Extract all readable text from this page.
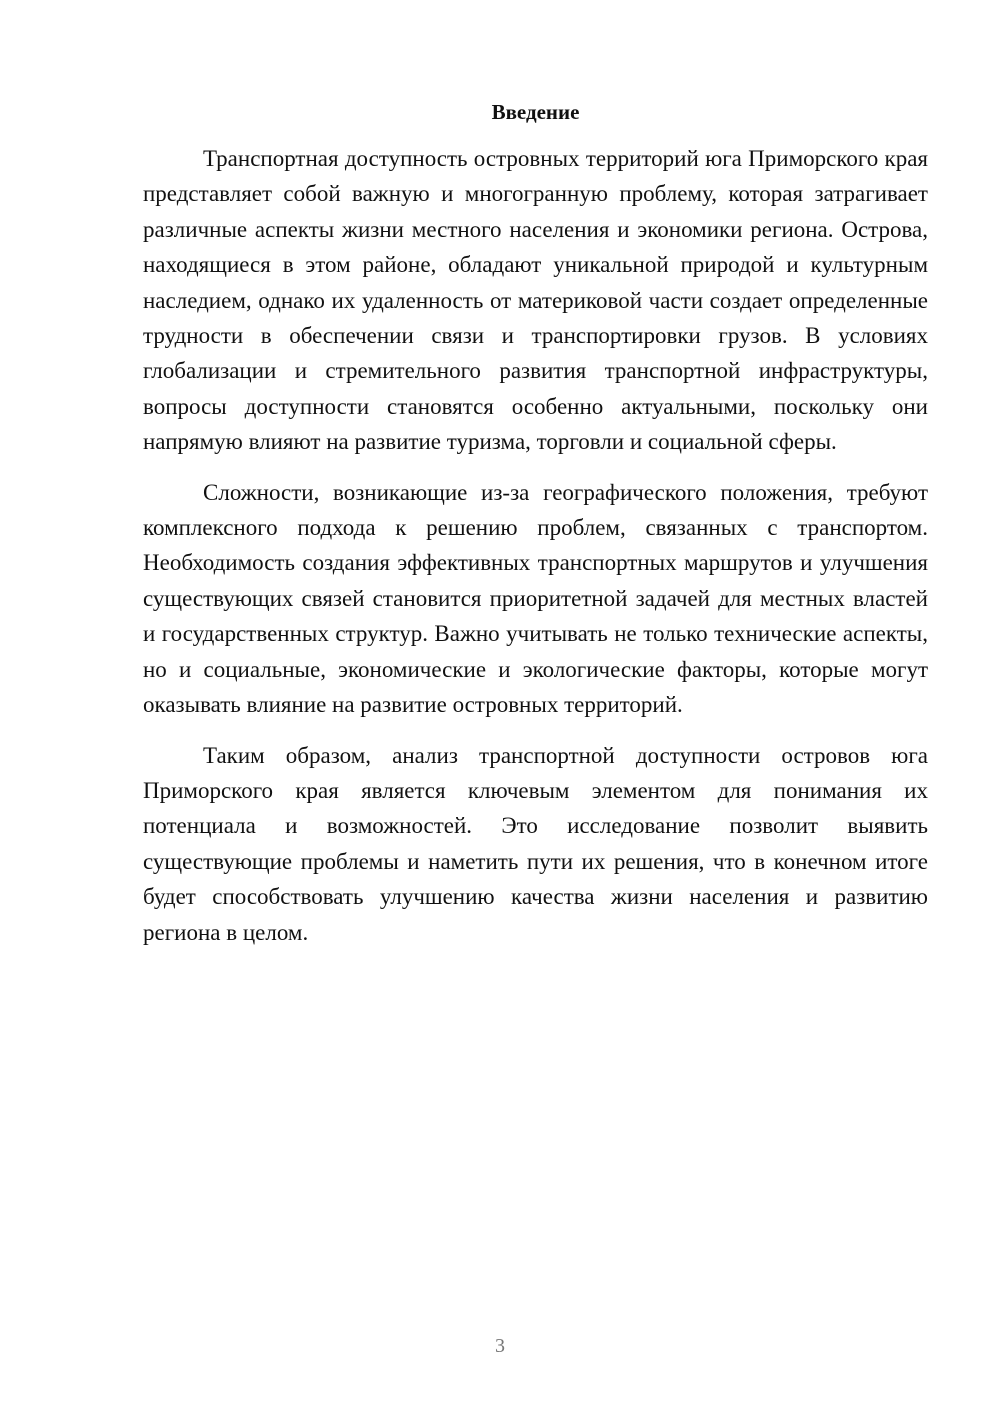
Введение

Транспортная доступность островных территорий юга Приморского края представляет собой важную и многогранную проблему, которая затрагивает различные аспекты жизни местного населения и экономики региона. Острова, находящиеся в этом районе, обладают уникальной природой и культурным наследием, однако их удаленность от материковой части создает определенные трудности в обеспечении связи и транспортировки грузов. В условиях глобализации и стремительного развития транспортной инфраструктуры, вопросы доступности становятся особенно актуальными, поскольку они напрямую влияют на развитие туризма, торговли и социальной сферы.

Сложности, возникающие из-за географического положения, требуют комплексного подхода к решению проблем, связанных с транспортом. Необходимость создания эффективных транспортных маршрутов и улучшения существующих связей становится приоритетной задачей для местных властей и государственных структур. Важно учитывать не только технические аспекты, но и социальные, экономические и экологические факторы, которые могут оказывать влияние на развитие островных территорий.

Таким образом, анализ транспортной доступности островов юга Приморского края является ключевым элементом для понимания их потенциала и возможностей. Это исследование позволит выявить существующие проблемы и наметить пути их решения, что в конечном итоге будет способствовать улучшению качества жизни населения и развитию региона в целом.

3
